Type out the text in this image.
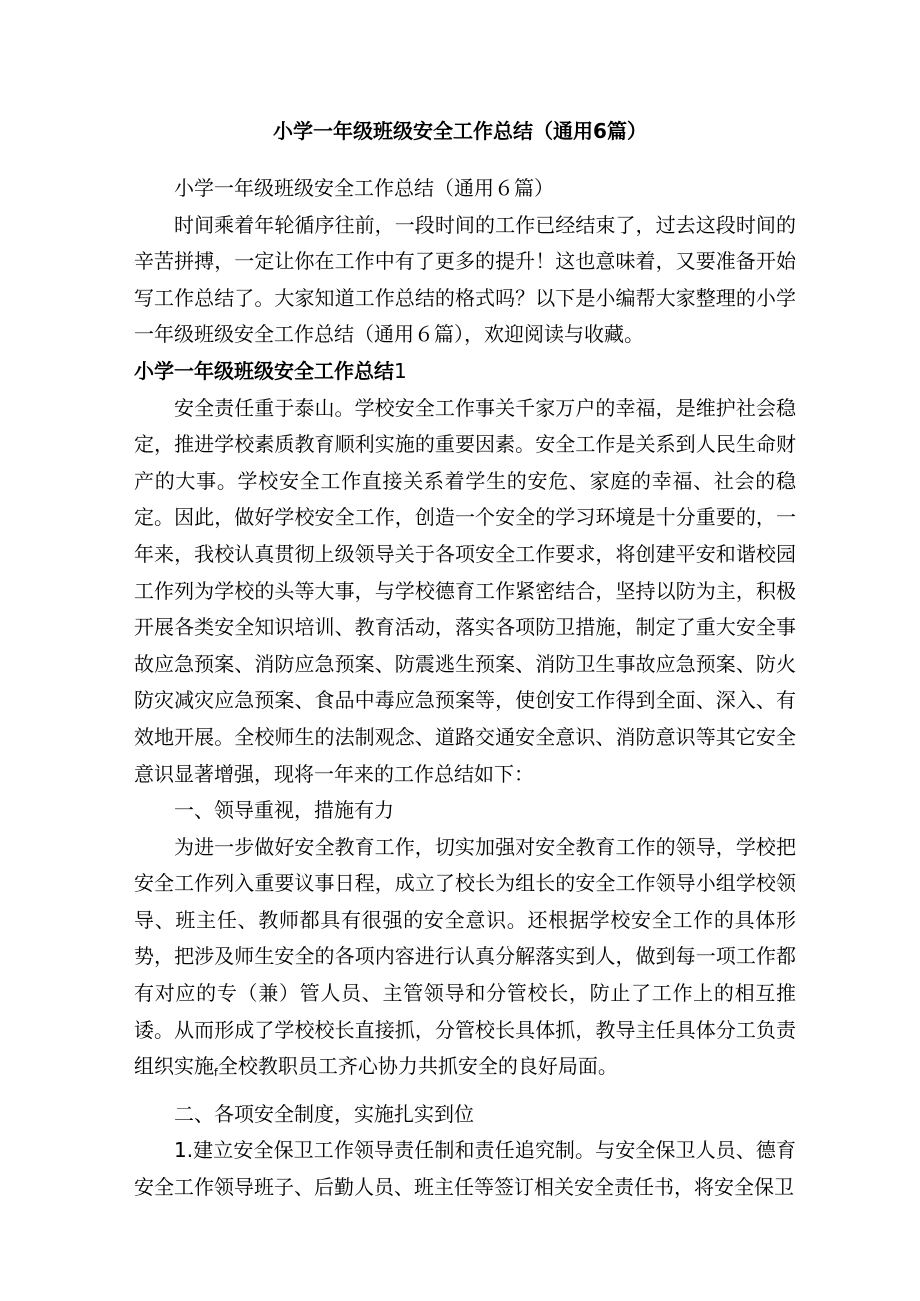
小学一年级班级安全工作总结（通用6篇）

小学一年级班级安全工作总结（通用６篇）

时间乘着年轮循序往前，一段时间的工作已经结束了，过去这段时间的辛苦拼搏，一定让你在工作中有了更多的提升！这也意味着，又要准备开始写工作总结了。大家知道工作总结的格式吗？以下是小编帮大家整理的小学一年级班级安全工作总结（通用６篇），欢迎阅读与收藏。

小学一年级班级安全工作总结1

安全责任重于泰山。学校安全工作事关千家万户的幸福，是维护社会稳定，推进学校素质教育顺利实施的重要因素。安全工作是关系到人民生命财产的大事。学校安全工作直接关系着学生的安危、家庭的幸福、社会的稳定。因此，做好学校安全工作，创造一个安全的学习环境是十分重要的，一年来，我校认真贯彻上级领导关于各项安全工作要求，将创建平安和谐校园工作列为学校的头等大事，与学校德育工作紧密结合，坚持以防为主，积极开展各类安全知识培训、教育活动，落实各项防卫措施，制定了重大安全事故应急预案、消防应急预案、防震逃生预案、消防卫生事故应急预案、防火防灾减灾应急预案、食品中毒应急预案等，使创安工作得到全面、深入、有效地开展。全校师生的法制观念、道路交通安全意识、消防意识等其它安全意识显著增强，现将一年来的工作总结如下：

一、领导重视，措施有力

为进一步做好安全教育工作，切实加强对安全教育工作的领导，学校把安全工作列入重要议事日程，成立了校长为组长的安全工作领导小组学校领导、班主任、教师都具有很强的安全意识。还根据学校安全工作的具体形势，把涉及师生安全的各项内容进行认真分解落实到人，做到每一项工作都有对应的专（兼）管人员、主管领导和分管校长，防止了工作上的相互推诿。从而形成了学校校长直接抓，分管校长具体抓，教导主任具体分工负责组织实施$_f$全校教职员工齐心协力共抓安全的良好局面。

二、各项安全制度，实施扎实到位

1.建立安全保卫工作领导责任制和责任追究制。与安全保卫人员、德育安全工作领导班子、后勤人员、班主任等签订相关安全责任书，将安全保卫
